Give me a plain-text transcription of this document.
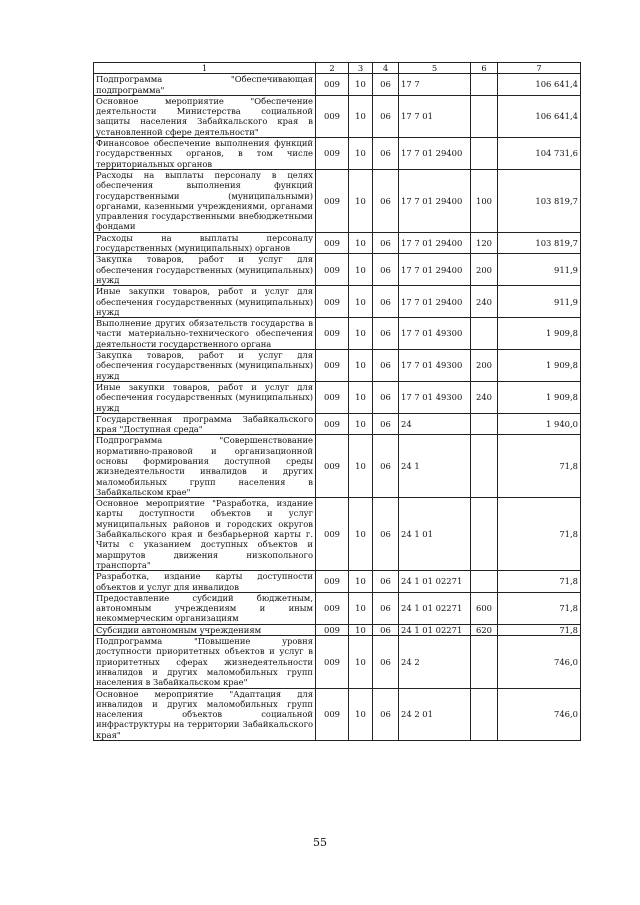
1	2	3	4	5	6	7
Подпрограмма "Обеспечивающая подпрограмма"	009	10	06	17 7		106 641,4
Основное мероприятие "Обеспечение деятельности Министерства социальной защиты населения Забайкальского края в установленной сфере деятельности"	009	10	06	17 7 01		106 641,4
Финансовое обеспечение выполнения функций государственных органов, в том числе территориальных органов	009	10	06	17 7 01 29400		104 731,6
Расходы на выплаты персоналу в целях обеспечения выполнения функций государственными (муниципальными) органами, казенными учреждениями, органами управления государственными внебюджетными фондами	009	10	06	17 7 01 29400	100	103 819,7
Расходы на выплаты персоналу государственных (муниципальных) органов	009	10	06	17 7 01 29400	120	103 819,7
Закупка товаров, работ и услуг для обеспечения государственных (муниципальных) нужд	009	10	06	17 7 01 29400	200	911,9
Иные закупки товаров, работ и услуг для обеспечения государственных (муниципальных) нужд	009	10	06	17 7 01 29400	240	911,9
Выполнение других обязательств государства в части материально-технического обеспечения деятельности государственного органа	009	10	06	17 7 01 49300		1 909,8
Закупка товаров, работ и услуг для обеспечения государственных (муниципальных) нужд	009	10	06	17 7 01 49300	200	1 909,8
Иные закупки товаров, работ и услуг для обеспечения государственных (муниципальных) нужд	009	10	06	17 7 01 49300	240	1 909,8
Государственная программа Забайкальского края "Доступная среда"	009	10	06	24		1 940,0
Подпрограмма "Совершенствование нормативно-правовой и организационной основы формирования доступной среды жизнедеятельности инвалидов и других маломобильных групп населения в Забайкальском крае"	009	10	06	24 1		71,8
Основное мероприятие "Разработка, издание карты доступности объектов и услуг муниципальных районов и городских округов Забайкальского края и безбарьерной карты г. Читы с указанием доступных объектов и маршрутов движения низкопольного транспорта"	009	10	06	24 1 01		71,8
Разработка, издание карты доступности объектов и услуг для инвалидов	009	10	06	24 1 01 02271		71,8
Предоставление субсидий бюджетным, автономным учреждениям и иным некоммерческим организациям	009	10	06	24 1 01 02271	600	71,8
Субсидии автономным учреждениям	009	10	06	24 1 01 02271	620	71,8
Подпрограмма "Повышение уровня доступности приоритетных объектов и услуг в приоритетных сферах жизнедеятельности инвалидов и других маломобильных групп населения в Забайкальском крае"	009	10	06	24 2		746,0
Основное мероприятие "Адаптация для инвалидов и других маломобильных групп населения объектов социальной инфраструктуры на территории Забайкальского края"	009	10	06	24 2 01		746,0
55
